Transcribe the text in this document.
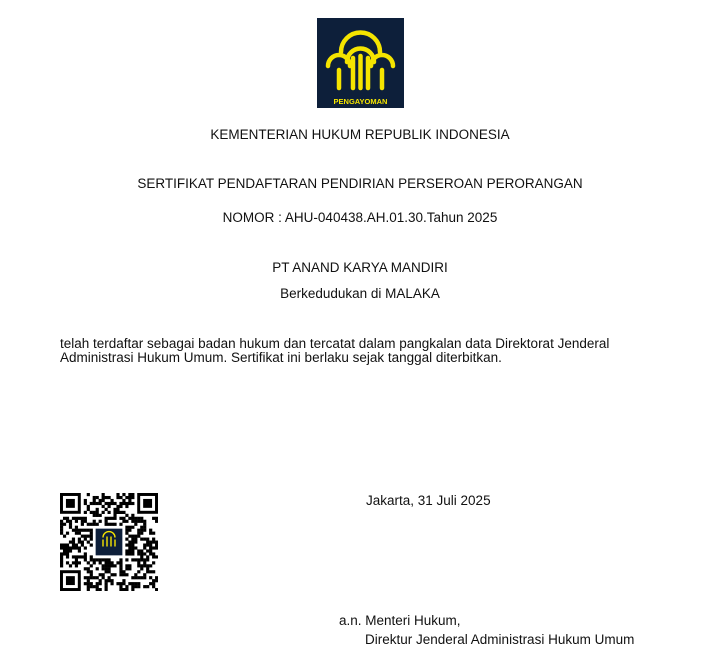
PENGAYOMAN
KEMENTERIAN HUKUM REPUBLIK INDONESIA
SERTIFIKAT PENDAFTARAN PENDIRIAN PERSEROAN PERORANGAN
NOMOR : AHU-040438.AH.01.30.Tahun 2025
PT ANAND KARYA MANDIRI
Berkedudukan di MALAKA
telah terdaftar sebagai badan hukum dan tercatat dalam pangkalan data Direktorat Jenderal Administrasi Hukum Umum. Sertifikat ini berlaku sejak tanggal diterbitkan.
Jakarta, 31 Juli 2025
a.n. Menteri Hukum,
Direktur Jenderal Administrasi Hukum Umum
